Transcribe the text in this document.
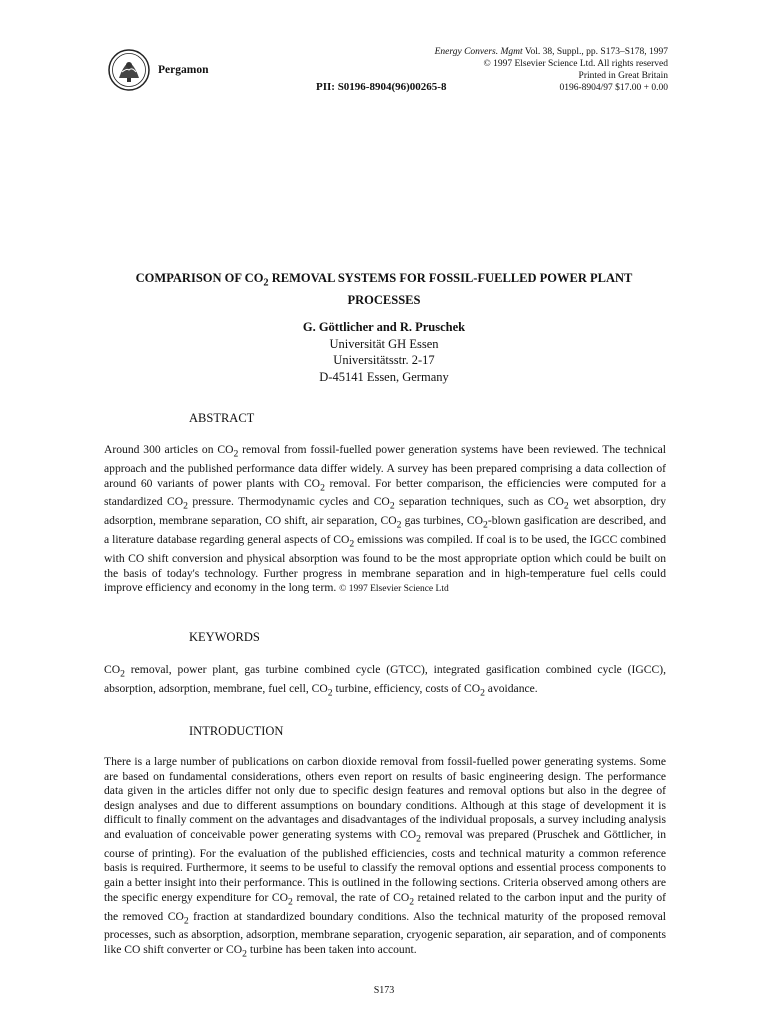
Pergamon
PII: S0196-8904(96)00265-8
Energy Convers. Mgmt Vol. 38, Suppl., pp. S173–S178, 1997
© 1997 Elsevier Science Ltd. All rights reserved
Printed in Great Britain
0196-8904/97 $17.00 + 0.00
COMPARISON OF $CO_2$ REMOVAL SYSTEMS FOR FOSSIL-FUELLED POWER PLANT
PROCESSES
G. Göttlicher and R. Pruschek
Universität GH Essen
Universitätsstr. 2-17
D-45141 Essen, Germany
ABSTRACT

Around 300 articles on $CO_2$ removal from fossil-fuelled power generation systems have been reviewed. The technical approach and the published performance data differ widely. A survey has been prepared comprising a data collection of around 60 variants of power plants with $CO_2$ removal. For better comparison, the efficiencies were computed for a standardized $CO_2$ pressure. Thermodynamic cycles and $CO_2$ separation techniques, such as $CO_2$ wet absorption, dry adsorption, membrane separation, CO shift, air separation, $CO_2$ gas turbines, $CO_2$-blown gasification are described, and a literature database regarding general aspects of $CO_2$ emissions was compiled. If coal is to be used, the IGCC combined with CO shift conversion and physical absorption was found to be the most appropriate option which could be built on the basis of today's technology. Further progress in membrane separation and in high-temperature fuel cells could improve efficiency and economy in the long term. © 1997 Elsevier Science Ltd

KEYWORDS

$CO_2$ removal, power plant, gas turbine combined cycle (GTCC), integrated gasification combined cycle (IGCC), absorption, adsorption, membrane, fuel cell, $CO_2$ turbine, efficiency, costs of $CO_2$ avoidance.

INTRODUCTION

There is a large number of publications on carbon dioxide removal from fossil-fuelled power generating systems. Some are based on fundamental considerations, others even report on results of basic engineering design. The performance data given in the articles differ not only due to specific design features and removal options but also in the degree of design analyses and due to different assumptions on boundary conditions. Although at this stage of development it is difficult to finally comment on the advantages and disadvantages of the individual proposals, a survey including analysis and evaluation of conceivable power generating systems with $CO_2$ removal was prepared (Pruschek and Göttlicher, in course of printing). For the evaluation of the published efficiencies, costs and technical maturity a common reference basis is required. Furthermore, it seems to be useful to classify the removal options and essential process components to gain a better insight into their performance. This is outlined in the following sections. Criteria observed among others are the specific energy expenditure for $CO_2$ removal, the rate of $CO_2$ retained related to the carbon input and the purity of the removed $CO_2$ fraction at standardized boundary conditions. Also the technical maturity of the proposed removal processes, such as absorption, adsorption, membrane separation, cryogenic separation, air separation, and of components like CO shift converter or $CO_2$ turbine has been taken into account.

S173
